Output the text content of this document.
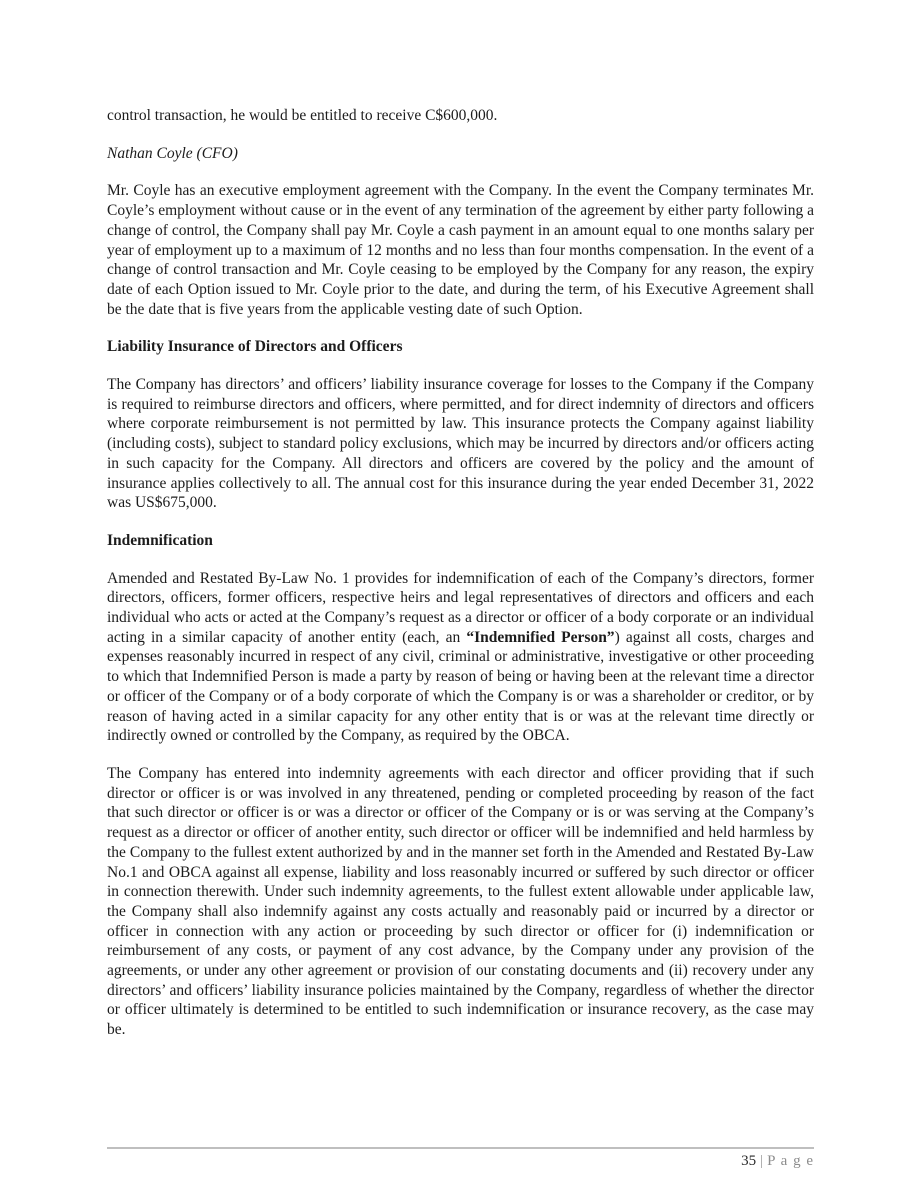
control transaction, he would be entitled to receive C$600,000.

Nathan Coyle (CFO)

Mr. Coyle has an executive employment agreement with the Company. In the event the Company terminates Mr. Coyle’s employment without cause or in the event of any termination of the agreement by either party following a change of control, the Company shall pay Mr. Coyle a cash payment in an amount equal to one months salary per year of employment up to a maximum of 12 months and no less than four months compensation. In the event of a change of control transaction and Mr. Coyle ceasing to be employed by the Company for any reason, the expiry date of each Option issued to Mr. Coyle prior to the date, and during the term, of his Executive Agreement shall be the date that is five years from the applicable vesting date of such Option.

Liability Insurance of Directors and Officers

The Company has directors’ and officers’ liability insurance coverage for losses to the Company if the Company is required to reimburse directors and officers, where permitted, and for direct indemnity of directors and officers where corporate reimbursement is not permitted by law. This insurance protects the Company against liability (including costs), subject to standard policy exclusions, which may be incurred by directors and/or officers acting in such capacity for the Company. All directors and officers are covered by the policy and the amount of insurance applies collectively to all. The annual cost for this insurance during the year ended December 31, 2022 was US$675,000.

Indemnification

Amended and Restated By-Law No. 1 provides for indemnification of each of the Company’s directors, former directors, officers, former officers, respective heirs and legal representatives of directors and officers and each individual who acts or acted at the Company’s request as a director or officer of a body corporate or an individual acting in a similar capacity of another entity (each, an “Indemnified Person”) against all costs, charges and expenses reasonably incurred in respect of any civil, criminal or administrative, investigative or other proceeding to which that Indemnified Person is made a party by reason of being or having been at the relevant time a director or officer of the Company or of a body corporate of which the Company is or was a shareholder or creditor, or by reason of having acted in a similar capacity for any other entity that is or was at the relevant time directly or indirectly owned or controlled by the Company, as required by the OBCA.

The Company has entered into indemnity agreements with each director and officer providing that if such director or officer is or was involved in any threatened, pending or completed proceeding by reason of the fact that such director or officer is or was a director or officer of the Company or is or was serving at the Company’s request as a director or officer of another entity, such director or officer will be indemnified and held harmless by the Company to the fullest extent authorized by and in the manner set forth in the Amended and Restated By-Law No.1 and OBCA against all expense, liability and loss reasonably incurred or suffered by such director or officer in connection therewith. Under such indemnity agreements, to the fullest extent allowable under applicable law, the Company shall also indemnify against any costs actually and reasonably paid or incurred by a director or officer in connection with any action or proceeding by such director or officer for (i) indemnification or reimbursement of any costs, or payment of any cost advance, by the Company under any provision of the agreements, or under any other agreement or provision of our constating documents and (ii) recovery under any directors’ and officers’ liability insurance policies maintained by the Company, regardless of whether the director or officer ultimately is determined to be entitled to such indemnification or insurance recovery, as the case may be.

35 | P a g e
